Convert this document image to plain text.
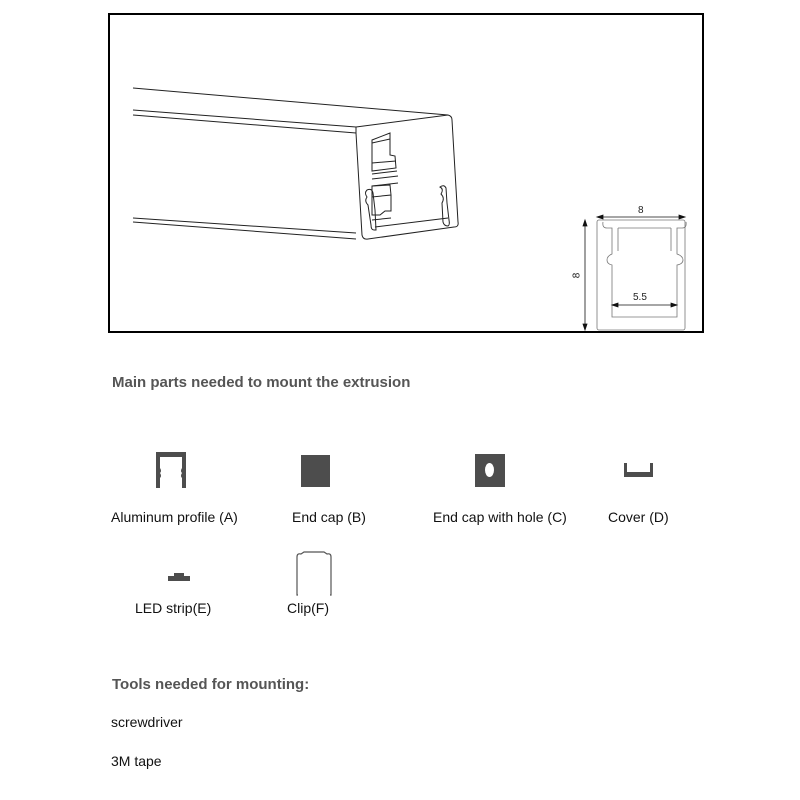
8
8
5.5
Main parts needed to mount the extrusion
Aluminum profile (A)	End cap (B)	End cap with hole (C)	Cover (D)
LED strip(E)	Clip(F)
Tools needed for mounting:
screwdriver
3M tape
